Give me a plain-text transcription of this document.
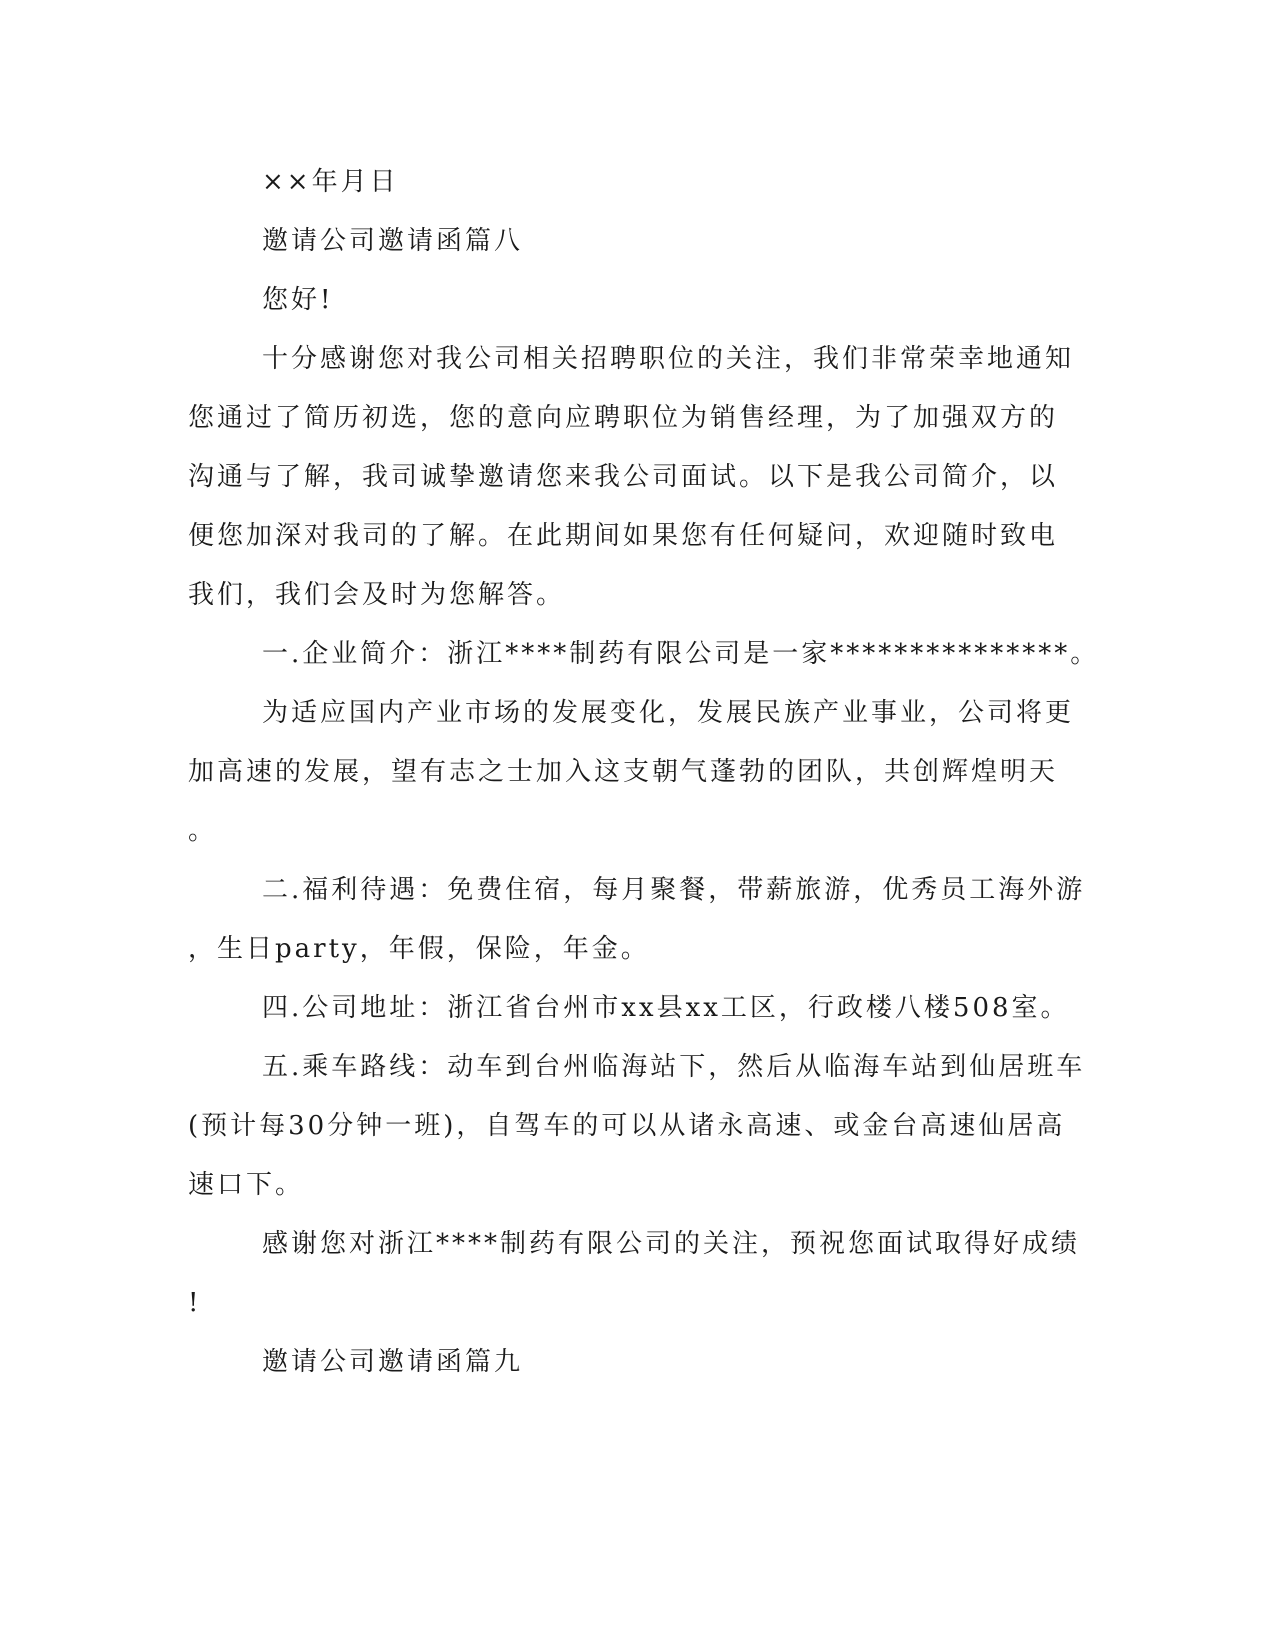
××年月日
邀请公司邀请函篇八
您好!
十分感谢您对我公司相关招聘职位的关注，我们非常荣幸地通知
您通过了简历初选，您的意向应聘职位为销售经理，为了加强双方的
沟通与了解，我司诚挚邀请您来我公司面试。以下是我公司简介，以
便您加深对我司的了解。在此期间如果您有任何疑问，欢迎随时致电
我们，我们会及时为您解答。
一.企业简介：浙江****制药有限公司是一家***************。
为适应国内产业市场的发展变化，发展民族产业事业，公司将更
加高速的发展，望有志之士加入这支朝气蓬勃的团队，共创辉煌明天
。
二.福利待遇：免费住宿，每月聚餐，带薪旅游，优秀员工海外游
，生日party，年假，保险，年金。
四.公司地址：浙江省台州市xx县xx工区，行政楼八楼508室。
五.乘车路线：动车到台州临海站下，然后从临海车站到仙居班车
(预计每30分钟一班)，自驾车的可以从诸永高速、或金台高速仙居高
速口下。
感谢您对浙江****制药有限公司的关注，预祝您面试取得好成绩
!
邀请公司邀请函篇九
